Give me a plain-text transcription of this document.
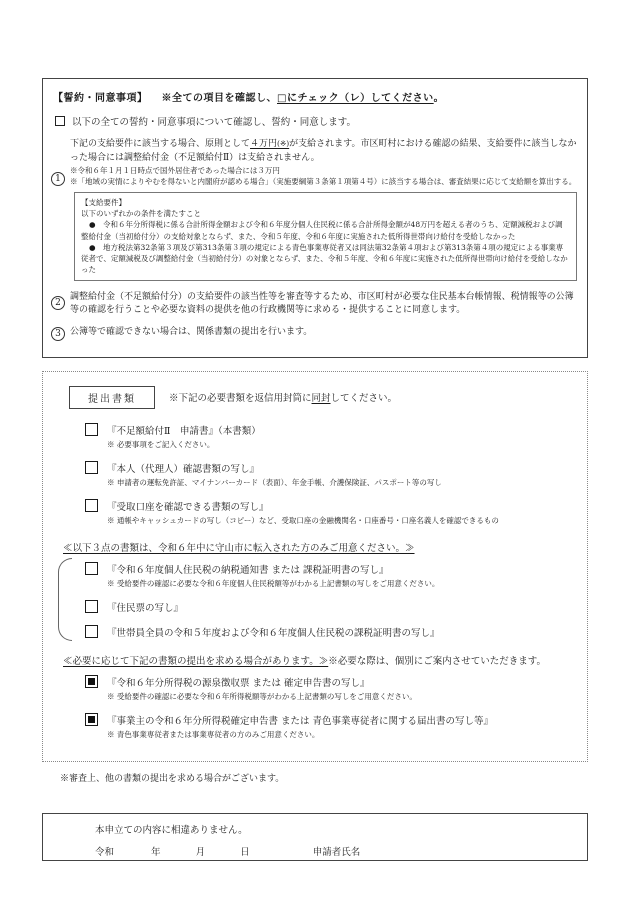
【誓約・同意事項】 ※全ての項目を確認し、□にチェック（レ）してください。
以下の全ての誓約・同意事項について確認し、誓約・同意します。
1
下記の支給要件に該当する場合、原則として４万円(※)が支給されます。市区町村における確認の結果、支給要件に該当しなかった場合には調整給付金（不足額給付Ⅱ）は支給されません。
※令和６年１月１日時点で国外居住者であった場合には３万円
※「地域の実情によりやむを得ないと内閣府が認める場合」（実施要綱第３条第１項第４号）に該当する場合は、審査結果に応じて支給額を算出する。
【支給要件】
以下のいずれかの条件を満たすこと
●　令和６年分所得税に係る合計所得金額および令和６年度分個人住民税に係る合計所得金額が48万円を超える者のうち、定額減税および調整給付金（当初給付分）の支給対象とならず、また、令和５年度、令和６年度に実施された低所得世帯向け給付を受給しなかった
●　地方税法第32条第３項及び第313条第３項の規定による青色事業専従者又は同法第32条第４項および第313条第４項の規定による事業専従者で、定額減税及び調整給付金（当初給付分）の対象とならず、また、令和５年度、令和６年度に実施された低所得世帯向け給付を受給しなかった
2
調整給付金（不足額給付分）の支給要件の該当性等を審査等するため、市区町村が必要な住民基本台帳情報、税情報等の公簿等の確認を行うことや必要な資料の提供を他の行政機関等に求める・提供することに同意します。
3	公簿等で確認できない場合は、関係書類の提出を行います。
提出書類	※下記の必要書類を返信用封筒に同封してください。
『不足額給付Ⅱ　申請書』（本書類）
※ 必要事項をご記入ください。
『本人（代理人）確認書類の写し』
※ 申請者の運転免許証、マイナンバーカード（表面）、年金手帳、介護保険証、パスポート等の写し
『受取口座を確認できる書類の写し』
※ 通帳やキャッシュカードの写し（コピー）など、受取口座の金融機関名・口座番号・口座名義人を確認できるもの
≪以下３点の書類は、令和６年中に守山市に転入された方のみご用意ください。≫
『令和６年度個人住民税の納税通知書 または 課税証明書の写し』
※ 受給要件の確認に必要な令和６年度個人住民税額等がわかる上記書類の写しをご用意ください。
『住民票の写し』
『世帯員全員の令和５年度および令和６年度個人住民税の課税証明書の写し』
≪必要に応じて下記の書類の提出を求める場合があります。≫※必要な際は、個別にご案内させていただきます。
『令和６年分所得税の源泉徴収票 または 確定申告書の写し』
※ 受給要件の確認に必要な令和６年所得税額等がわかる上記書類の写しをご用意ください。
『事業主の令和６年分所得税確定申告書 または 青色事業専従者に関する届出書の写し等』
※ 青色事業専従者または事業専従者の方のみご用意ください。
※審査上、他の書類の提出を求める場合がございます。
本申立ての内容に相違ありません。
令和	年	月	日	申請者氏名
